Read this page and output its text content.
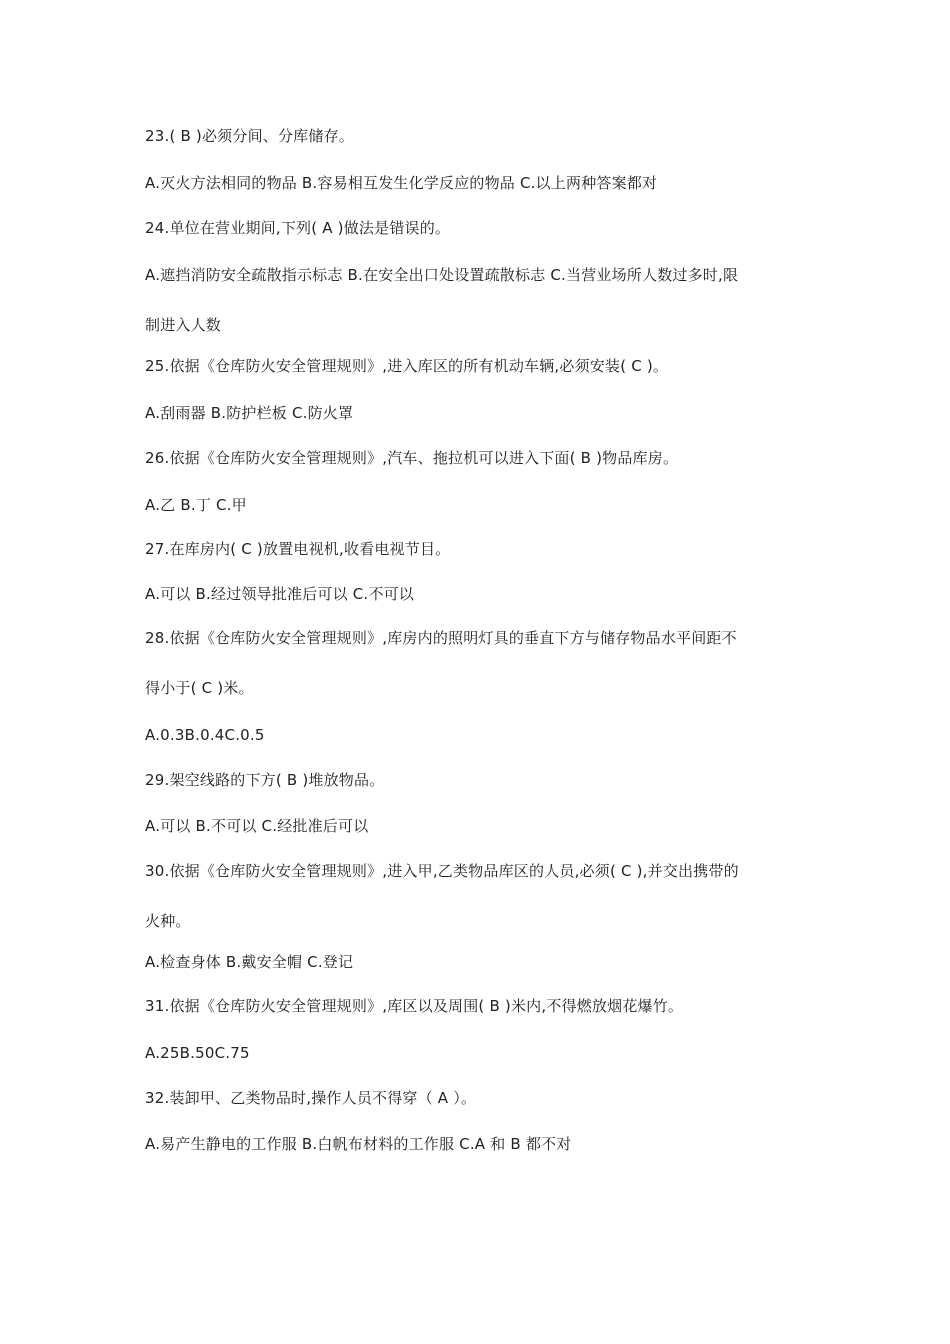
23.( B )必须分间、分库储存。
A.灭火方法相同的物品 B.容易相互发生化学反应的物品 C.以上两种答案都对
24.单位在营业期间,下列( A )做法是错误的。
A.遮挡消防安全疏散指示标志 B.在安全出口处设置疏散标志 C.当营业场所人数过多时,限
制进入人数
25.依据《仓库防火安全管理规则》,进入库区的所有机动车辆,必须安装( C )。
A.刮雨器 B.防护栏板 C.防火罩
26.依据《仓库防火安全管理规则》,汽车、拖拉机可以进入下面( B )物品库房。
A.乙 B.丁 C.甲
27.在库房内( C )放置电视机,收看电视节目。
A.可以 B.经过领导批准后可以 C.不可以
28.依据《仓库防火安全管理规则》,库房内的照明灯具的垂直下方与储存物品水平间距不
得小于( C )米。
A.0.3B.0.4C.0.5
29.架空线路的下方( B )堆放物品。
A.可以 B.不可以 C.经批准后可以
30.依据《仓库防火安全管理规则》,进入甲,乙类物品库区的人员,必须( C ),并交出携带的
火种。
A.检查身体 B.戴安全帽 C.登记
31.依据《仓库防火安全管理规则》,库区以及周围( B )米内,不得燃放烟花爆竹。
A.25B.50C.75
32.装卸甲、乙类物品时,操作人员不得穿（ A ）。
A.易产生静电的工作服 B.白帆布材料的工作服 C.A 和 B 都不对
